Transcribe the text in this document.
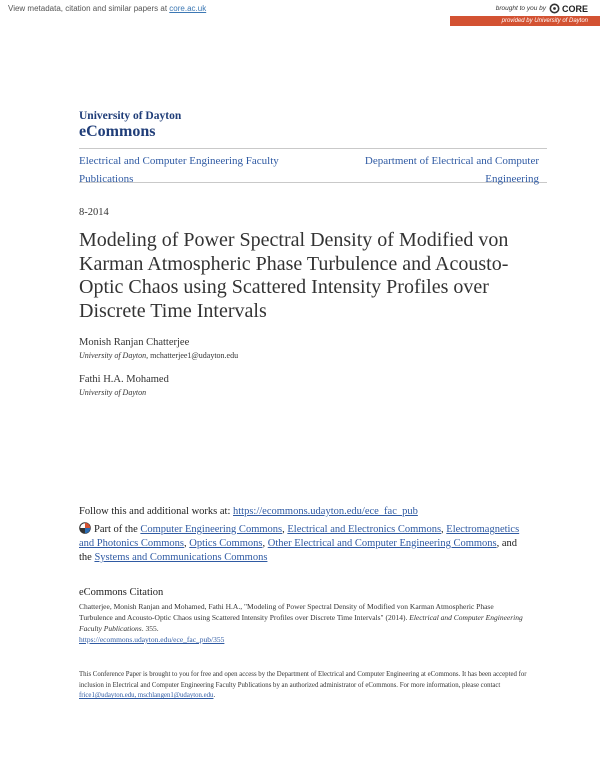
View metadata, citation and similar papers at core.ac.uk	brought to you by CORE
provided by University of Dayton
University of Dayton
eCommons
Electrical and Computer Engineering Faculty
Publications
Department of Electrical and Computer
Engineering
8-2014
Modeling of Power Spectral Density of Modified von Karman Atmospheric Phase Turbulence and Acousto-Optic Chaos using Scattered Intensity Profiles over Discrete Time Intervals
Monish Ranjan Chatterjee
University of Dayton, mchatterjee1@udayton.edu
Fathi H.A. Mohamed
University of Dayton
Follow this and additional works at: https://ecommons.udayton.edu/ece_fac_pub
Part of the Computer Engineering Commons, Electrical and Electronics Commons, Electromagnetics and Photonics Commons, Optics Commons, Other Electrical and Computer Engineering Commons, and the Systems and Communications Commons
eCommons Citation
Chatterjee, Monish Ranjan and Mohamed, Fathi H.A., "Modeling of Power Spectral Density of Modified von Karman Atmospheric Phase Turbulence and Acousto-Optic Chaos using Scattered Intensity Profiles over Discrete Time Intervals" (2014). Electrical and Computer Engineering Faculty Publications. 355.
https://ecommons.udayton.edu/ece_fac_pub/355
This Conference Paper is brought to you for free and open access by the Department of Electrical and Computer Engineering at eCommons. It has been accepted for inclusion in Electrical and Computer Engineering Faculty Publications by an authorized administrator of eCommons. For more information, please contact frice1@udayton.edu, mschlangen1@udayton.edu.
